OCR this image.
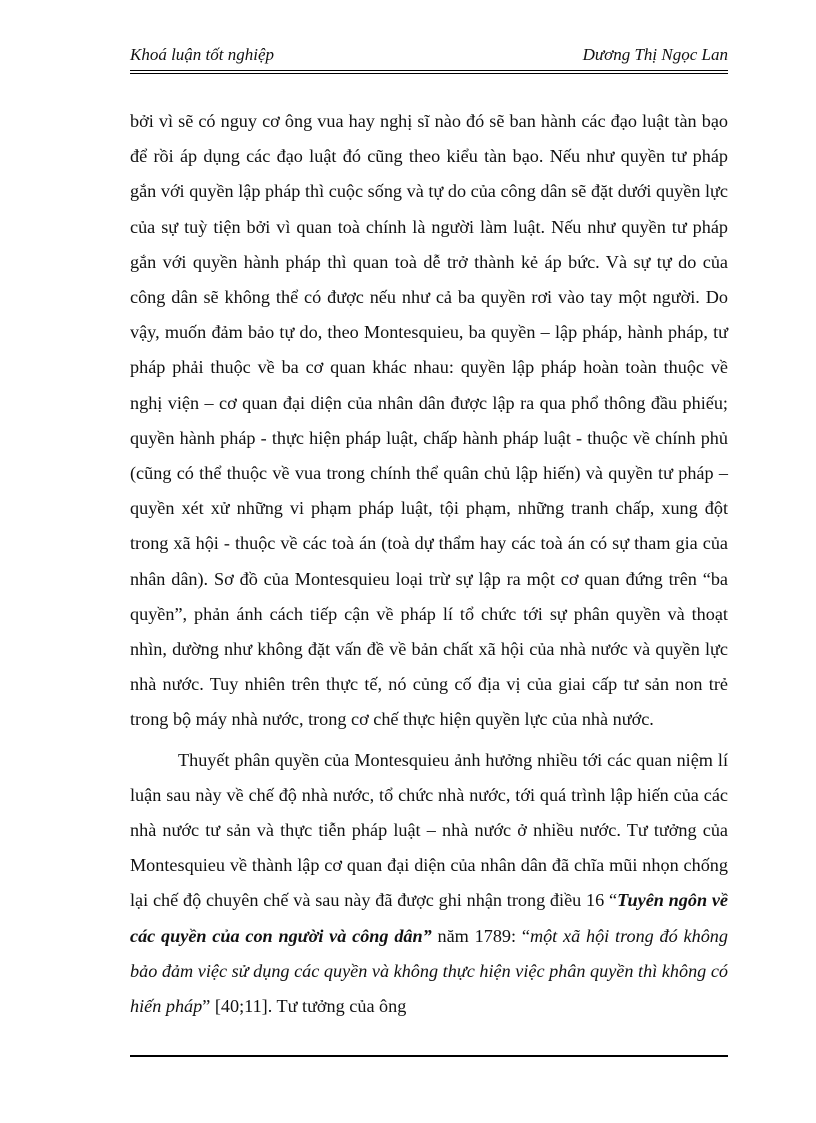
Khoá luận tốt nghiệp	Dương Thị Ngọc Lan

bởi vì sẽ có nguy cơ ông vua hay nghị sĩ nào đó sẽ ban hành các đạo luật tàn bạo để rồi áp dụng các đạo luật đó cũng theo kiểu tàn bạo. Nếu như quyền tư pháp gắn với quyền lập pháp thì cuộc sống và tự do của công dân sẽ đặt dưới quyền lực của sự tuỳ tiện bởi vì quan toà chính là người làm luật. Nếu như quyền tư pháp gắn với quyền hành pháp thì quan toà dễ trở thành kẻ áp bức. Và sự tự do của công dân sẽ không thể có được nếu như cả ba quyền rơi vào tay một người. Do vậy, muốn đảm bảo tự do, theo Montesquieu, ba quyền – lập pháp, hành pháp, tư pháp phải thuộc về ba cơ quan khác nhau: quyền lập pháp hoàn toàn thuộc về nghị viện – cơ quan đại diện của nhân dân được lập ra qua phổ thông đầu phiếu; quyền hành pháp - thực hiện pháp luật, chấp hành pháp luật - thuộc về chính phủ (cũng có thể thuộc về vua trong chính thể quân chủ lập hiến) và quyền tư pháp – quyền xét xử những vi phạm pháp luật, tội phạm, những tranh chấp, xung đột trong xã hội - thuộc về các toà án (toà dự thẩm hay các toà án có sự tham gia của nhân dân). Sơ đồ của Montesquieu loại trừ sự lập ra một cơ quan đứng trên “ba quyền”, phản ánh cách tiếp cận về pháp lí tổ chức tới sự phân quyền và thoạt nhìn, dường như không đặt vấn đề về bản chất xã hội của nhà nước và quyền lực nhà nước. Tuy nhiên trên thực tế, nó củng cố địa vị của giai cấp tư sản non trẻ trong bộ máy nhà nước, trong cơ chế thực hiện quyền lực của nhà nước.

Thuyết phân quyền của Montesquieu ảnh hưởng nhiều tới các quan niệm lí luận sau này về chế độ nhà nước, tổ chức nhà nước, tới quá trình lập hiến của các nhà nước tư sản và thực tiễn pháp luật – nhà nước ở nhiều nước. Tư tưởng của Montesquieu về thành lập cơ quan đại diện của nhân dân đã chĩa mũi nhọn chống lại chế độ chuyên chế và sau này đã được ghi nhận trong điều 16 “Tuyên ngôn về các quyền của con người và công dân” năm 1789: “một xã hội trong đó không bảo đảm việc sử dụng các quyền và không thực hiện việc phân quyền thì không có hiến pháp” [40;11]. Tư tưởng của ông
